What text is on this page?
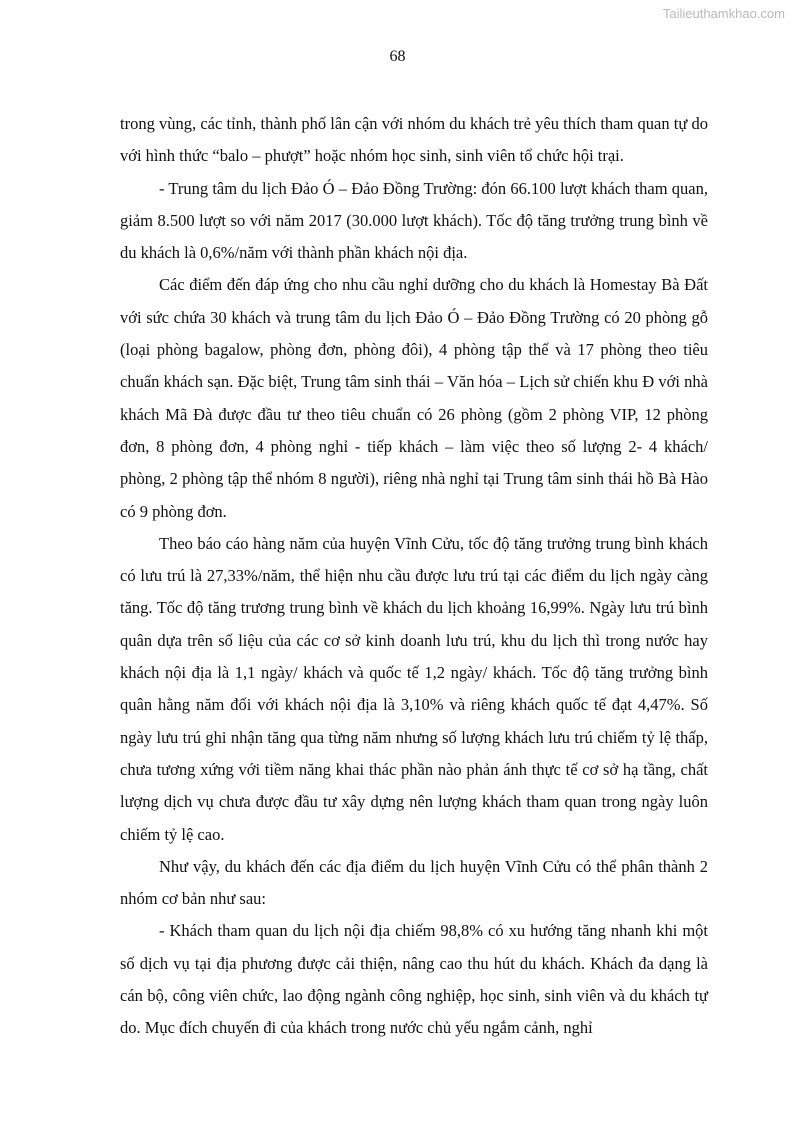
Tailieuthamkhao.com
68

trong vùng, các tỉnh, thành phố lân cận với nhóm du khách trẻ yêu thích tham quan tự do với hình thức “balo – phượt” hoặc nhóm học sinh, sinh viên tổ chức hội trại.

- Trung tâm du lịch Đảo Ó – Đảo Đồng Trường: đón 66.100 lượt khách tham quan, giảm 8.500 lượt so với năm 2017 (30.000 lượt khách). Tốc độ tăng trưởng trung bình về du khách là 0,6%/năm với thành phần khách nội địa.

Các điểm đến đáp ứng cho nhu cầu nghỉ dưỡng cho du khách là Homestay Bà Đất với sức chứa 30 khách và trung tâm du lịch Đảo Ó – Đảo Đồng Trường có 20 phòng gỗ (loại phòng bagalow, phòng đơn, phòng đôi), 4 phòng tập thể và 17 phòng theo tiêu chuẩn khách sạn. Đặc biệt, Trung tâm sinh thái – Văn hóa – Lịch sử chiến khu Đ với nhà khách Mã Đà được đầu tư theo tiêu chuẩn có 26 phòng (gồm 2 phòng VIP, 12 phòng đơn, 8 phòng đơn, 4 phòng nghỉ - tiếp khách – làm việc theo số lượng 2- 4 khách/ phòng, 2 phòng tập thể nhóm 8 người), riêng nhà nghỉ tại Trung tâm sinh thái hồ Bà Hào có 9 phòng đơn.

Theo báo cáo hàng năm của huyện Vĩnh Cửu, tốc độ tăng trưởng trung bình khách có lưu trú là 27,33%/năm, thể hiện nhu cầu được lưu trú tại các điểm du lịch ngày càng tăng. Tốc độ tăng trương trung bình về khách du lịch khoảng 16,99%. Ngày lưu trú bình quân dựa trên số liệu của các cơ sở kinh doanh lưu trú, khu du lịch thì trong nước hay khách nội địa là 1,1 ngày/ khách và quốc tế 1,2 ngày/ khách. Tốc độ tăng trưởng bình quân hằng năm đối với khách nội địa là 3,10% và riêng khách quốc tế đạt 4,47%. Số ngày lưu trú ghi nhận tăng qua từng năm nhưng số lượng khách lưu trú chiếm tỷ lệ thấp, chưa tương xứng với tiềm năng khai thác phần nào phản ánh thực tế cơ sở hạ tầng, chất lượng dịch vụ chưa được đầu tư xây dựng nên lượng khách tham quan trong ngày luôn chiếm tỷ lệ cao.

Như vậy, du khách đến các địa điểm du lịch huyện Vĩnh Cửu có thể phân thành 2 nhóm cơ bản như sau:

- Khách tham quan du lịch nội địa chiếm 98,8% có xu hướng tăng nhanh khi một số dịch vụ tại địa phương được cải thiện, nâng cao thu hút du khách. Khách đa dạng là cán bộ, công viên chức, lao động ngành công nghiệp, học sinh, sinh viên và du khách tự do. Mục đích chuyến đi của khách trong nước chủ yếu ngắm cảnh, nghỉ
